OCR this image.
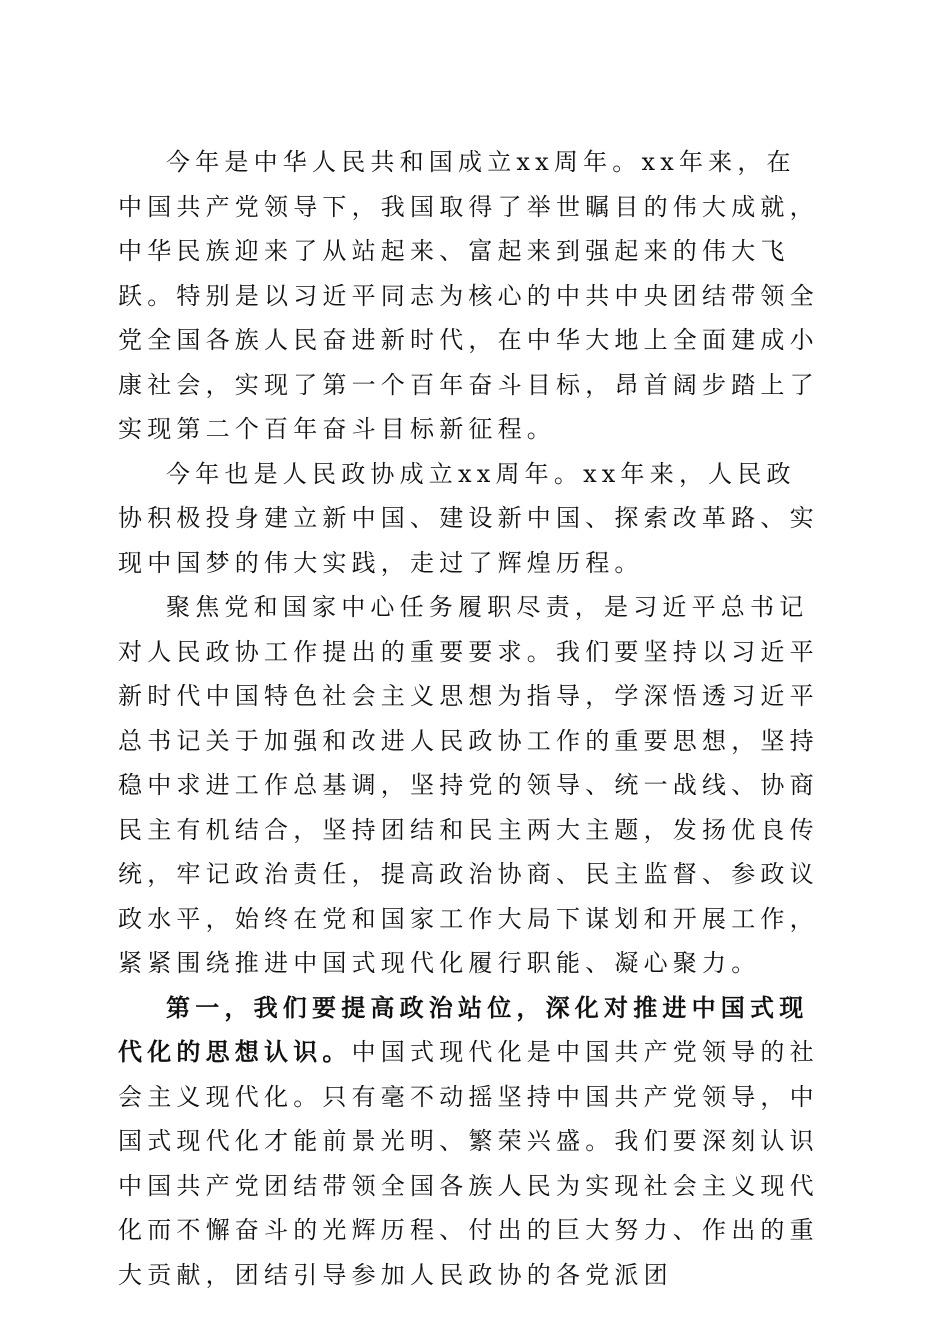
今年是中华人民共和国成立xx周年。xx年来，在中国共产党领导下，我国取得了举世瞩目的伟大成就，中华民族迎来了从站起来、富起来到强起来的伟大飞跃。特别是以习近平同志为核心的中共中央团结带领全党全国各族人民奋进新时代，在中华大地上全面建成小康社会，实现了第一个百年奋斗目标，昂首阔步踏上了实现第二个百年奋斗目标新征程。

今年也是人民政协成立xx周年。xx年来，人民政协积极投身建立新中国、建设新中国、探索改革路、实现中国梦的伟大实践，走过了辉煌历程。

聚焦党和国家中心任务履职尽责，是习近平总书记对人民政协工作提出的重要要求。我们要坚持以习近平新时代中国特色社会主义思想为指导，学深悟透习近平总书记关于加强和改进人民政协工作的重要思想，坚持稳中求进工作总基调，坚持党的领导、统一战线、协商民主有机结合，坚持团结和民主两大主题，发扬优良传统，牢记政治责任，提高政治协商、民主监督、参政议政水平，始终在党和国家工作大局下谋划和开展工作，紧紧围绕推进中国式现代化履行职能、凝心聚力。

第一，我们要提高政治站位，深化对推进中国式现代化的思想认识。中国式现代化是中国共产党领导的社会主义现代化。只有毫不动摇坚持中国共产党领导，中国式现代化才能前景光明、繁荣兴盛。我们要深刻认识中国共产党团结带领全国各族人民为实现社会主义现代化而不懈奋斗的光辉历程、付出的巨大努力、作出的重大贡献，团结引导参加人民政协的各党派团
